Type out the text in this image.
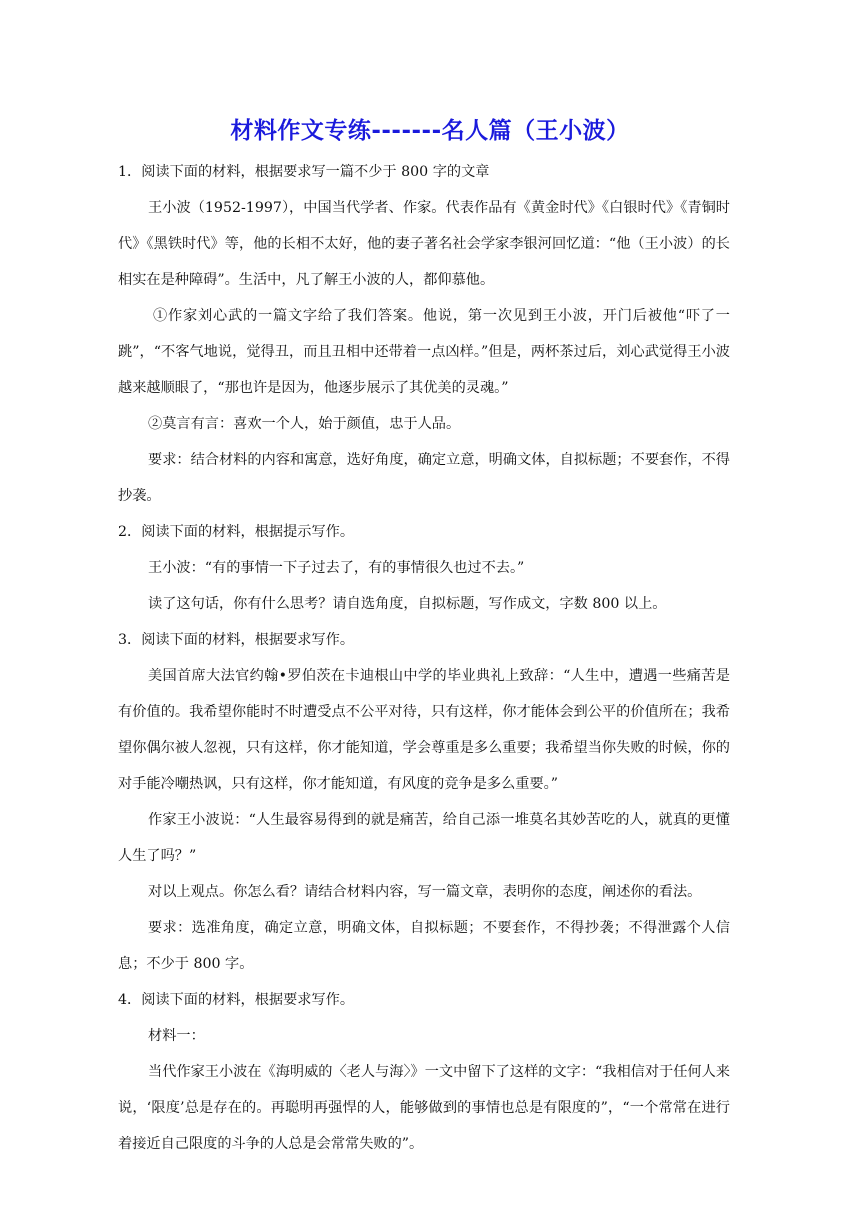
材料作文专练-------名人篇（王小波）

1．阅读下面的材料，根据要求写一篇不少于 800 字的文章

王小波（1952-1997），中国当代学者、作家。代表作品有《黄金时代》《白银时代》《青铜时代》《黑铁时代》等，他的长相不太好，他的妻子著名社会学家李银河回忆道：“他（王小波）的长相实在是种障碍”。生活中，凡了解王小波的人，都仰慕他。

①作家刘心武的一篇文字给了我们答案。他说，第一次见到王小波，开门后被他“吓了一跳”，“不客气地说，觉得丑，而且丑相中还带着一点凶样。”但是，两杯茶过后，刘心武觉得王小波越来越顺眼了，“那也许是因为，他逐步展示了其优美的灵魂。”

②莫言有言：喜欢一个人，始于颜值，忠于人品。

要求：结合材料的内容和寓意，选好角度，确定立意，明确文体，自拟标题；不要套作，不得抄袭。

2．阅读下面的材料，根据提示写作。

王小波：“有的事情一下子过去了，有的事情很久也过不去。”

读了这句话，你有什么思考？请自选角度，自拟标题，写作成文，字数 800 以上。

3．阅读下面的材料，根据要求写作。

美国首席大法官约翰•罗伯茨在卡迪根山中学的毕业典礼上致辞：“人生中，遭遇一些痛苦是有价值的。我希望你能时不时遭受点不公平对待，只有这样，你才能体会到公平的价值所在；我希望你偶尔被人忽视，只有这样，你才能知道，学会尊重是多么重要；我希望当你失败的时候，你的对手能冷嘲热讽，只有这样，你才能知道，有风度的竞争是多么重要。”

作家王小波说：“人生最容易得到的就是痛苦，给自己添一堆莫名其妙苦吃的人，就真的更懂人生了吗？”

对以上观点。你怎么看？请结合材料内容，写一篇文章，表明你的态度，阐述你的看法。

要求：选准角度，确定立意，明确文体，自拟标题；不要套作，不得抄袭；不得泄露个人信息；不少于 800 字。

4．阅读下面的材料，根据要求写作。

材料一：

当代作家王小波在《海明威的〈老人与海〉》一文中留下了这样的文字：“我相信对于任何人来说，‘限度’总是存在的。再聪明再强悍的人，能够做到的事情也总是有限度的”，“一个常常在进行着接近自己限度的斗争的人总是会常常失败的”。
